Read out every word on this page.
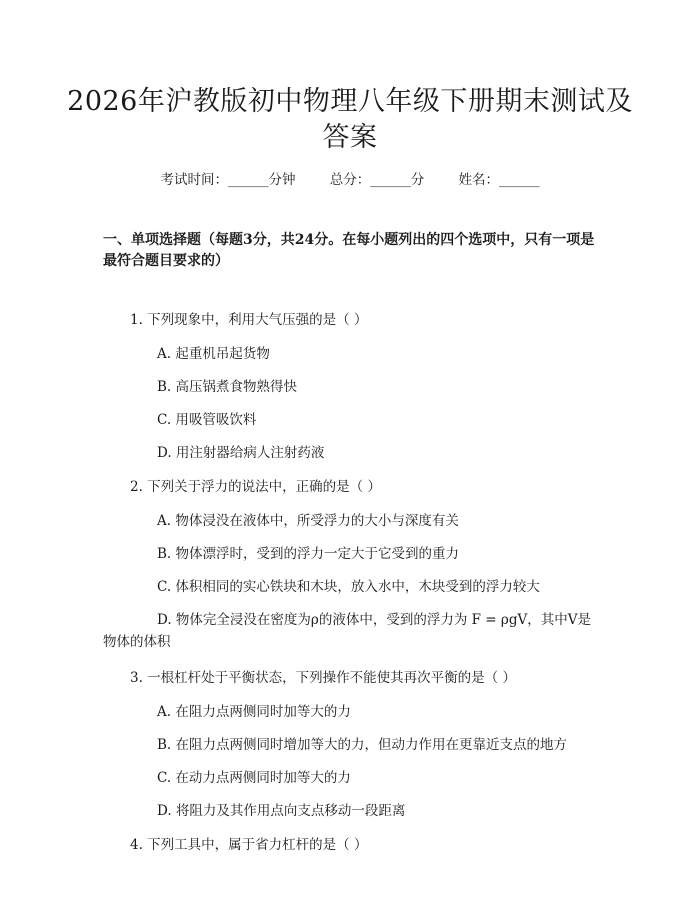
2026年沪教版初中物理八年级下册期末测试及答案
考试时间：______分钟	总分：______分	姓名：______

一、单项选择题（每题3分，共24分。在每小题列出的四个选项中，只有一项是最符合题目要求的）

1. 下列现象中，利用大气压强的是（ ）
A. 起重机吊起货物
B. 高压锅煮食物熟得快
C. 用吸管吸饮料
D. 用注射器给病人注射药液
2. 下列关于浮力的说法中，正确的是（ ）
A. 物体浸没在液体中，所受浮力的大小与深度有关
B. 物体漂浮时，受到的浮力一定大于它受到的重力
C. 体积相同的实心铁块和木块，放入水中，木块受到的浮力较大
D. 物体完全浸没在密度为ρ的液体中，受到的浮力为 F = ρgV，其中V是物体的体积
3. 一根杠杆处于平衡状态，下列操作不能使其再次平衡的是（ ）
A. 在阻力点两侧同时加等大的力
B. 在阻力点两侧同时增加等大的力，但动力作用在更靠近支点的地方
C. 在动力点两侧同时加等大的力
D. 将阻力及其作用点向支点移动一段距离
4. 下列工具中，属于省力杠杆的是（ ）
